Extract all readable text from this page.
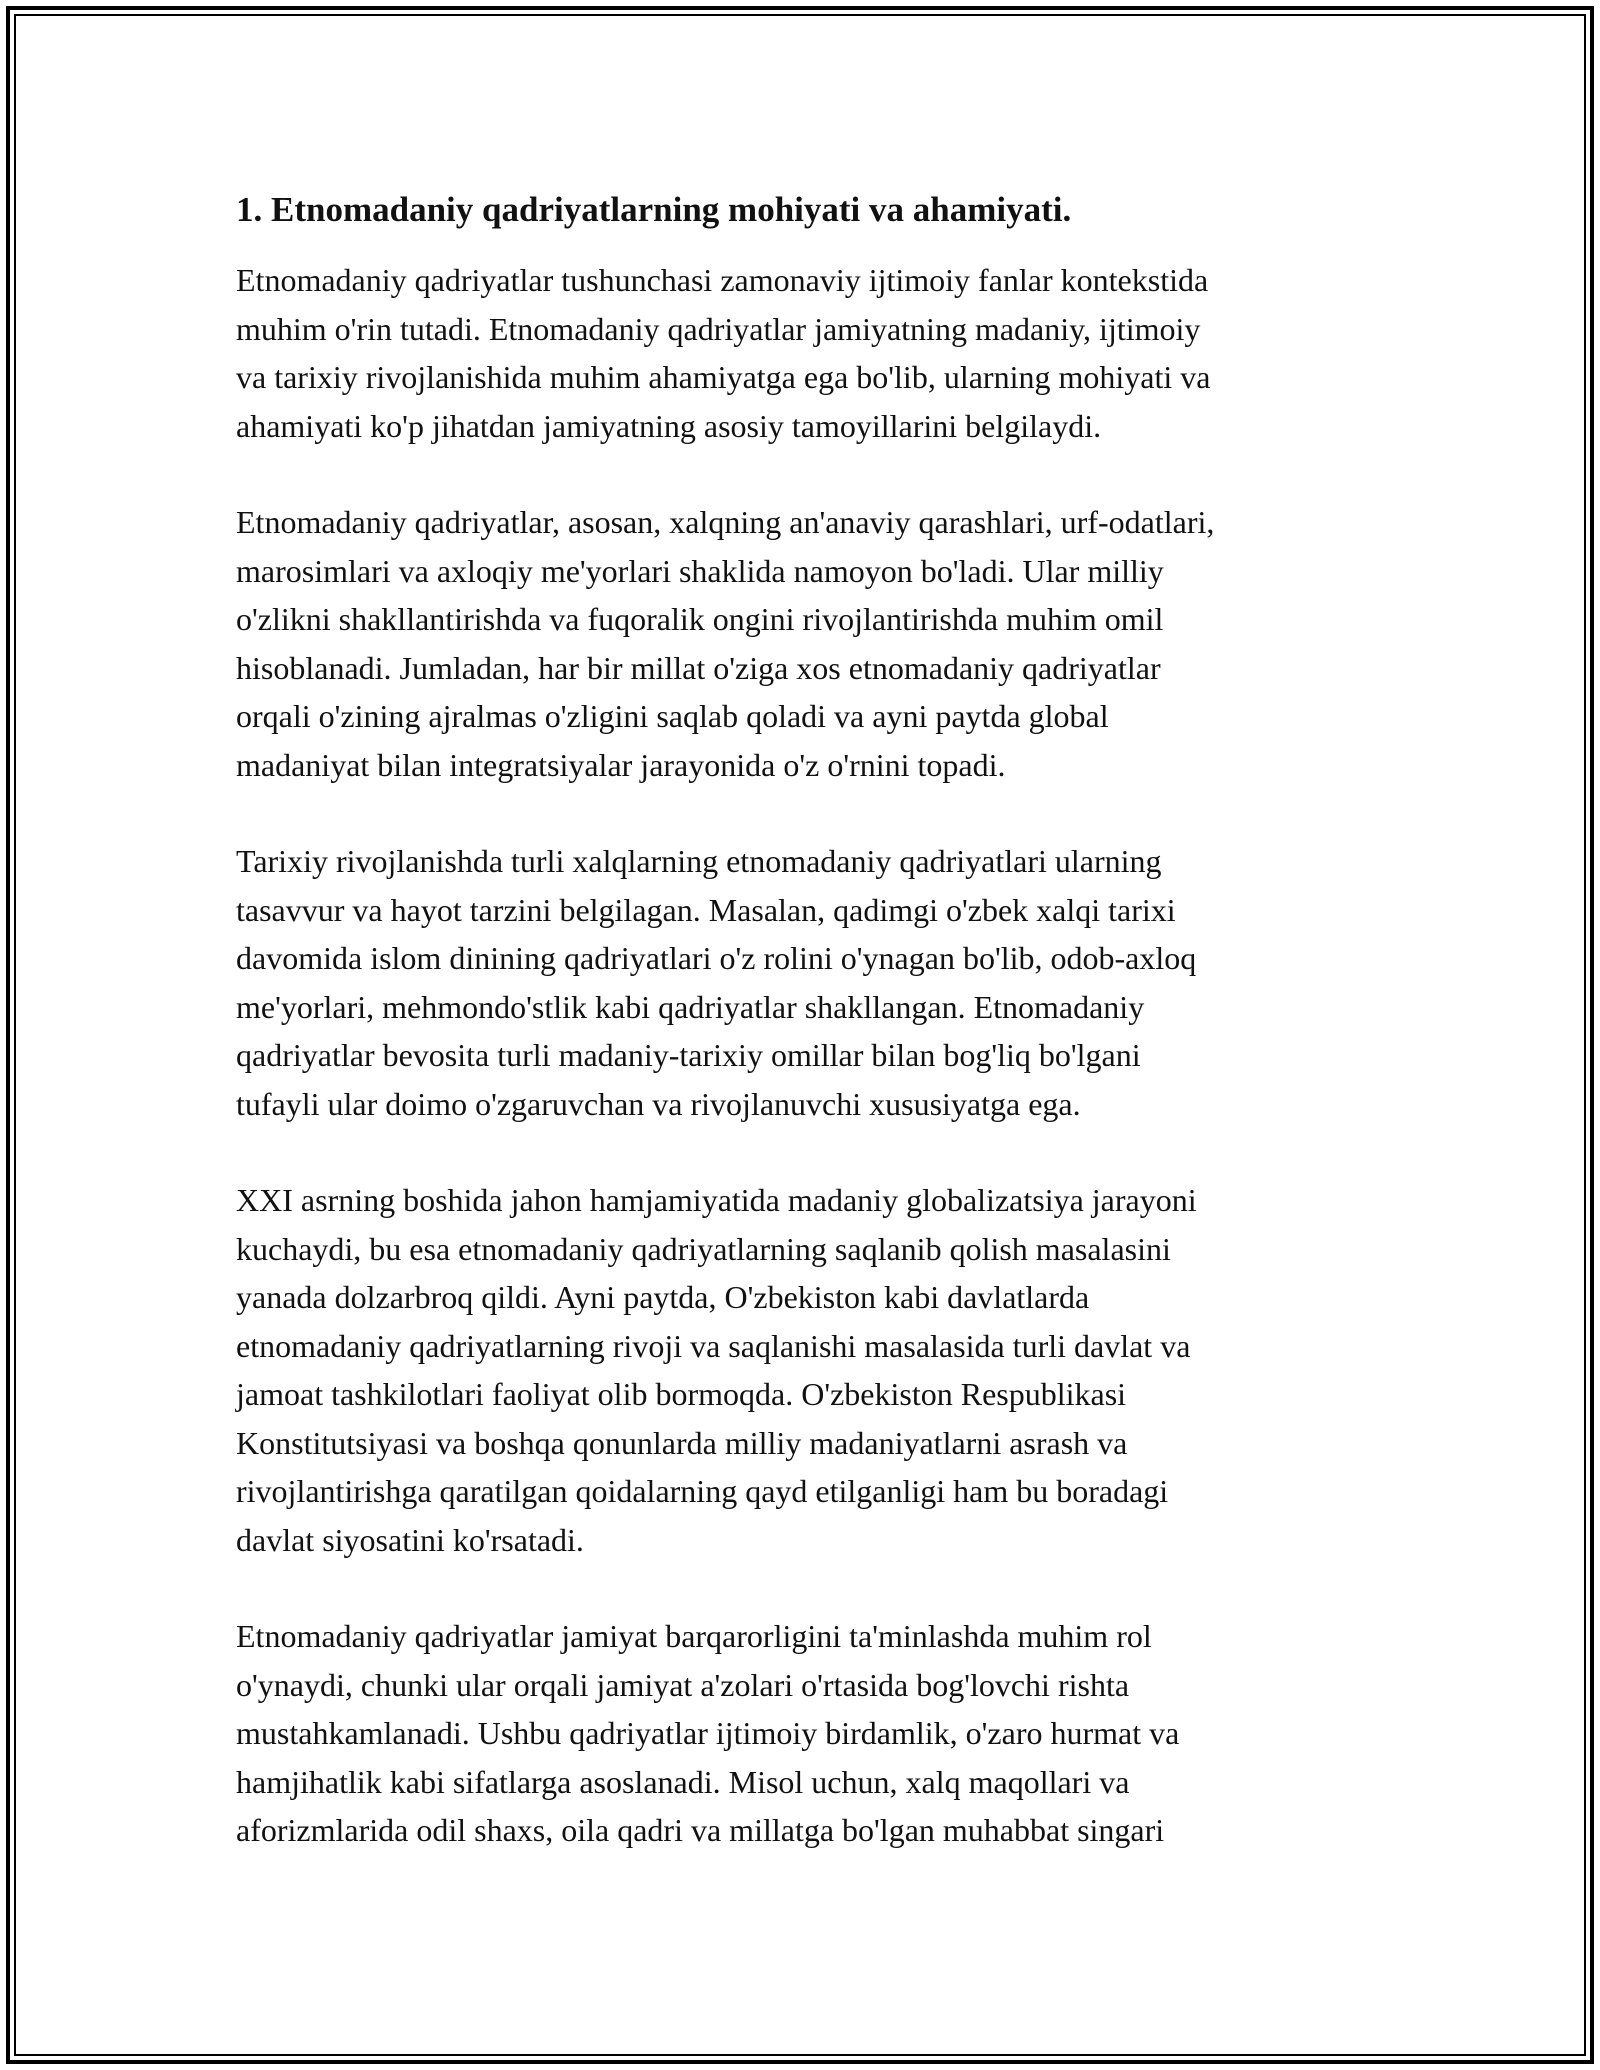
1. Etnomadaniy qadriyatlarning mohiyati va ahamiyati.
Etnomadaniy qadriyatlar tushunchasi zamonaviy ijtimoiy fanlar kontekstida
muhim o'rin tutadi. Etnomadaniy qadriyatlar jamiyatning madaniy, ijtimoiy
va tarixiy rivojlanishida muhim ahamiyatga ega bo'lib, ularning mohiyati va
ahamiyati ko'p jihatdan jamiyatning asosiy tamoyillarini belgilaydi.
Etnomadaniy qadriyatlar, asosan, xalqning an'anaviy qarashlari, urf-odatlari,
marosimlari va axloqiy me'yorlari shaklida namoyon bo'ladi. Ular milliy
o'zlikni shakllantirishda va fuqoralik ongini rivojlantirishda muhim omil
hisoblanadi. Jumladan, har bir millat o'ziga xos etnomadaniy qadriyatlar
orqali o'zining ajralmas o'zligini saqlab qoladi va ayni paytda global
madaniyat bilan integratsiyalar jarayonida o'z o'rnini topadi.
Tarixiy rivojlanishda turli xalqlarning etnomadaniy qadriyatlari ularning
tasavvur va hayot tarzini belgilagan. Masalan, qadimgi o'zbek xalqi tarixi
davomida islom dinining qadriyatlari o'z rolini o'ynagan bo'lib, odob-axloq
me'yorlari, mehmondo'stlik kabi qadriyatlar shakllangan. Etnomadaniy
qadriyatlar bevosita turli madaniy-tarixiy omillar bilan bog'liq bo'lgani
tufayli ular doimo o'zgaruvchan va rivojlanuvchi xususiyatga ega.
XXI asrning boshida jahon hamjamiyatida madaniy globalizatsiya jarayoni
kuchaydi, bu esa etnomadaniy qadriyatlarning saqlanib qolish masalasini
yanada dolzarbroq qildi. Ayni paytda, O'zbekiston kabi davlatlarda
etnomadaniy qadriyatlarning rivoji va saqlanishi masalasida turli davlat va
jamoat tashkilotlari faoliyat olib bormoqda. O'zbekiston Respublikasi
Konstitutsiyasi va boshqa qonunlarda milliy madaniyatlarni asrash va
rivojlantirishga qaratilgan qoidalarning qayd etilganligi ham bu boradagi
davlat siyosatini ko'rsatadi.
Etnomadaniy qadriyatlar jamiyat barqarorligini ta'minlashda muhim rol
o'ynaydi, chunki ular orqali jamiyat a'zolari o'rtasida bog'lovchi rishta
mustahkamlanadi. Ushbu qadriyatlar ijtimoiy birdamlik, o'zaro hurmat va
hamjihatlik kabi sifatlarga asoslanadi. Misol uchun, xalq maqollari va
aforizmlarida odil shaxs, oila qadri va millatga bo'lgan muhabbat singari
